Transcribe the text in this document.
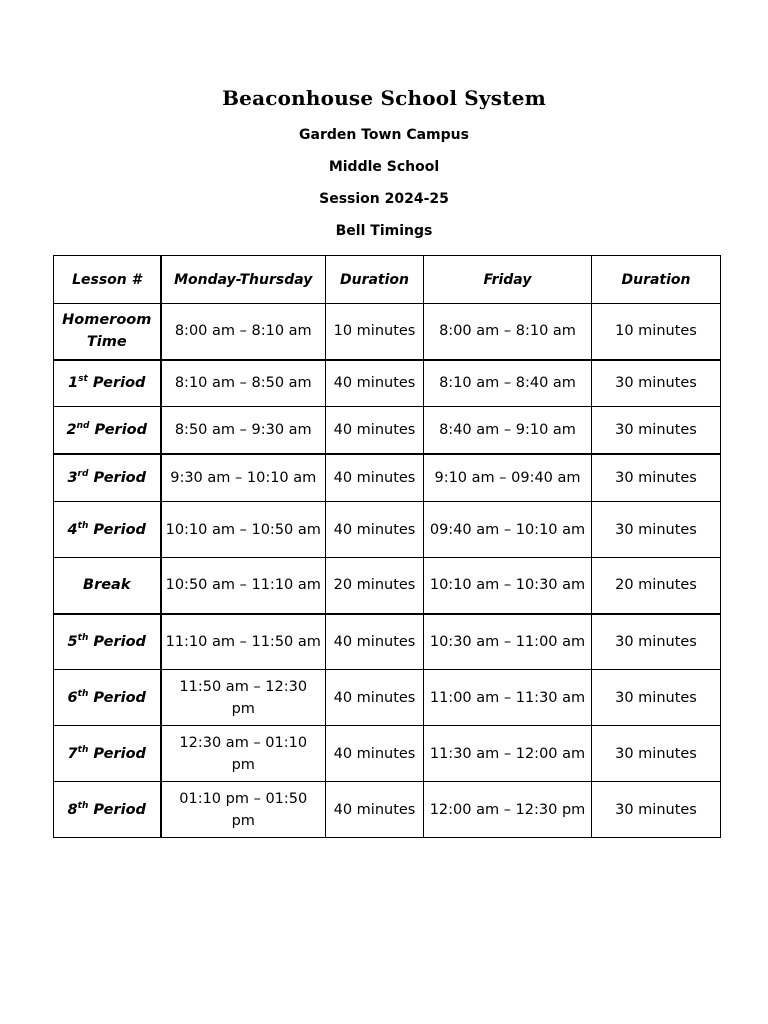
Beaconhouse School System
Garden Town Campus
Middle School
Session 2024-25
Bell Timings
Lesson #	Monday-Thursday	Duration	Friday	Duration
Homeroom Time	8:00 am – 8:10 am	10 minutes	8:00 am – 8:10 am	10 minutes
1st Period	8:10 am – 8:50 am	40 minutes	8:10 am – 8:40 am	30 minutes
2nd Period	8:50 am – 9:30 am	40 minutes	8:40 am – 9:10 am	30 minutes
3rd Period	9:30 am – 10:10 am	40 minutes	9:10 am – 09:40 am	30 minutes
4th Period	10:10 am – 10:50 am	40 minutes	09:40 am – 10:10 am	30 minutes
Break	10:50 am – 11:10 am	20 minutes	10:10 am – 10:30 am	20 minutes
5th Period	11:10 am – 11:50 am	40 minutes	10:30 am – 11:00 am	30 minutes
6th Period	11:50 am – 12:30 pm	40 minutes	11:00 am – 11:30 am	30 minutes
7th Period	12:30 am – 01:10 pm	40 minutes	11:30 am – 12:00 am	30 minutes
8th Period	01:10 pm – 01:50 pm	40 minutes	12:00 am – 12:30 pm	30 minutes
